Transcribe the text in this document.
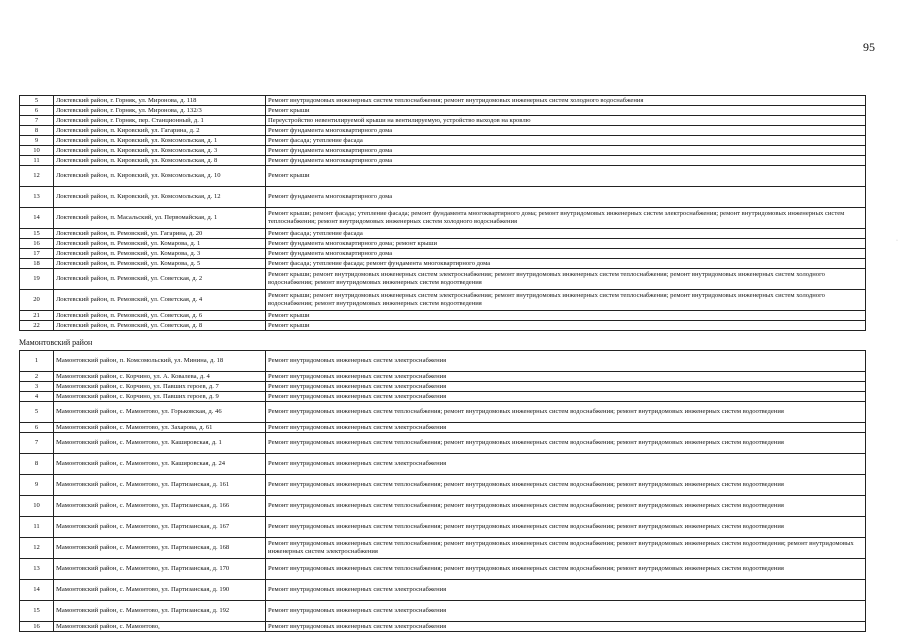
95
·
5	Локтевский район, г. Горняк, ул. Миронова, д. 118	Ремонт внутридомовых инженерных систем теплоснабжения; ремонт внутридомовых инженерных систем холодного водоснабжения
6	Локтевский район, г. Горняк, ул. Миронова, д. 132/3	Ремонт крыши
7	Локтевский район, г. Горняк, пер. Станционный, д. 1	Переустройство невентилируемой крыши на вентилируемую, устройство выходов на кровлю
8	Локтевский район, п. Кировский, ул. Гагарина, д. 2	Ремонт фундамента многоквартирного дома
9	Локтевский район, п. Кировский, ул. Комсомольская, д. 1	Ремонт фасада; утепление фасада
10	Локтевский район, п. Кировский, ул. Комсомольская, д. 3	Ремонт фундамента многоквартирного дома
11	Локтевский район, п. Кировский, ул. Комсомольская, д. 8	Ремонт фундамента многоквартирного дома
12	Локтевский район, п. Кировский, ул. Комсомольская, д. 10	Ремонт крыши
13	Локтевский район, п. Кировский, ул. Комсомольская, д. 12	Ремонт фундамента многоквартирного дома
14	Локтевский район, п. Масальский, ул. Первомайская, д. 1	Ремонт крыши; ремонт фасада; утепление фасада; ремонт фундамента многоквартирного дома; ремонт внутридомовых инженерных систем электроснабжения; ремонт внутридомовых инженерных систем теплоснабжения; ремонт внутридомовых инженерных систем холодного водоснабжения
15	Локтевский район, п. Ремовский, ул. Гагарина, д. 20	Ремонт фасада; утепление фасада
16	Локтевский район, п. Ремовский, ул. Комарова, д. 1	Ремонт фундамента многоквартирного дома; ремонт крыши
17	Локтевский район, п. Ремовский, ул. Комарова, д. 3	Ремонт фундамента многоквартирного дома
18	Локтевский район, п. Ремовский, ул. Комарова, д. 5	Ремонт фасада; утепление фасада; ремонт фундамента многоквартирного дома
19	Локтевский район, п. Ремовский, ул. Советская, д. 2	Ремонт крыши; ремонт внутридомовых инженерных систем электроснабжения; ремонт внутридомовых инженерных систем теплоснабжения; ремонт внутридомовых инженерных систем холодного водоснабжения; ремонт внутридомовых инженерных систем водоотведения
20	Локтевский район, п. Ремовский, ул. Советская, д. 4	Ремонт крыши; ремонт внутридомовых инженерных систем электроснабжения; ремонт внутридомовых инженерных систем теплоснабжения; ремонт внутридомовых инженерных систем холодного водоснабжения; ремонт внутридомовых инженерных систем водоотведения
21	Локтевский район, п. Ремовский, ул. Советская, д. 6	Ремонт крыши
22	Локтевский район, п. Ремовский, ул. Советская, д. 8	Ремонт крыши
Мамонтовский район
1	Мамонтовский район, п. Комсомольский, ул. Минина, д. 18	Ремонт внутридомовых инженерных систем электроснабжения
2	Мамонтовский район, с. Корчино, ул. А. Ковалева, д. 4	Ремонт внутридомовых инженерных систем электроснабжения
3	Мамонтовский район, с. Корчино, ул. Павших героев, д. 7	Ремонт внутридомовых инженерных систем электроснабжения
4	Мамонтовский район, с. Корчино, ул. Павших героев, д. 9	Ремонт внутридомовых инженерных систем электроснабжения
5	Мамонтовский район, с. Мамонтово, ул. Горьковская, д. 46	Ремонт внутридомовых инженерных систем теплоснабжения; ремонт внутридомовых инженерных систем водоснабжения; ремонт внутридомовых инженерных систем водоотведения
6	Мамонтовский район, с. Мамонтово, ул. Захарова, д. 61	Ремонт внутридомовых инженерных систем электроснабжения
7	Мамонтовский район, с. Мамонтово, ул. Кашировская, д. 1	Ремонт внутридомовых инженерных систем теплоснабжения; ремонт внутридомовых инженерных систем водоснабжения; ремонт внутридомовых инженерных систем водоотведения
8	Мамонтовский район, с. Мамонтово, ул. Кашировская, д. 24	Ремонт внутридомовых инженерных систем электроснабжения
9	Мамонтовский район, с. Мамонтово, ул. Партизанская, д. 161	Ремонт внутридомовых инженерных систем теплоснабжения; ремонт внутридомовых инженерных систем водоснабжения; ремонт внутридомовых инженерных систем водоотведения
10	Мамонтовский район, с. Мамонтово, ул. Партизанская, д. 166	Ремонт внутридомовых инженерных систем теплоснабжения; ремонт внутридомовых инженерных систем водоснабжения; ремонт внутридомовых инженерных систем водоотведения
11	Мамонтовский район, с. Мамонтово, ул. Партизанская, д. 167	Ремонт внутридомовых инженерных систем теплоснабжения; ремонт внутридомовых инженерных систем водоснабжения; ремонт внутридомовых инженерных систем водоотведения
12	Мамонтовский район, с. Мамонтово, ул. Партизанская, д. 168	Ремонт внутридомовых инженерных систем теплоснабжения; ремонт внутридомовых инженерных систем водоснабжения; ремонт внутридомовых инженерных систем водоотведения; ремонт внутридомовых инженерных систем электроснабжения
13	Мамонтовский район, с. Мамонтово, ул. Партизанская, д. 170	Ремонт внутридомовых инженерных систем теплоснабжения; ремонт внутридомовых инженерных систем водоснабжения; ремонт внутридомовых инженерных систем водоотведения
14	Мамонтовский район, с. Мамонтово, ул. Партизанская, д. 190	Ремонт внутридомовых инженерных систем электроснабжения
15	Мамонтовский район, с. Мамонтово, ул. Партизанская, д. 192	Ремонт внутридомовых инженерных систем электроснабжения
16	Мамонтовский район, с. Мамонтово,	Ремонт внутридомовых инженерных систем электроснабжения
